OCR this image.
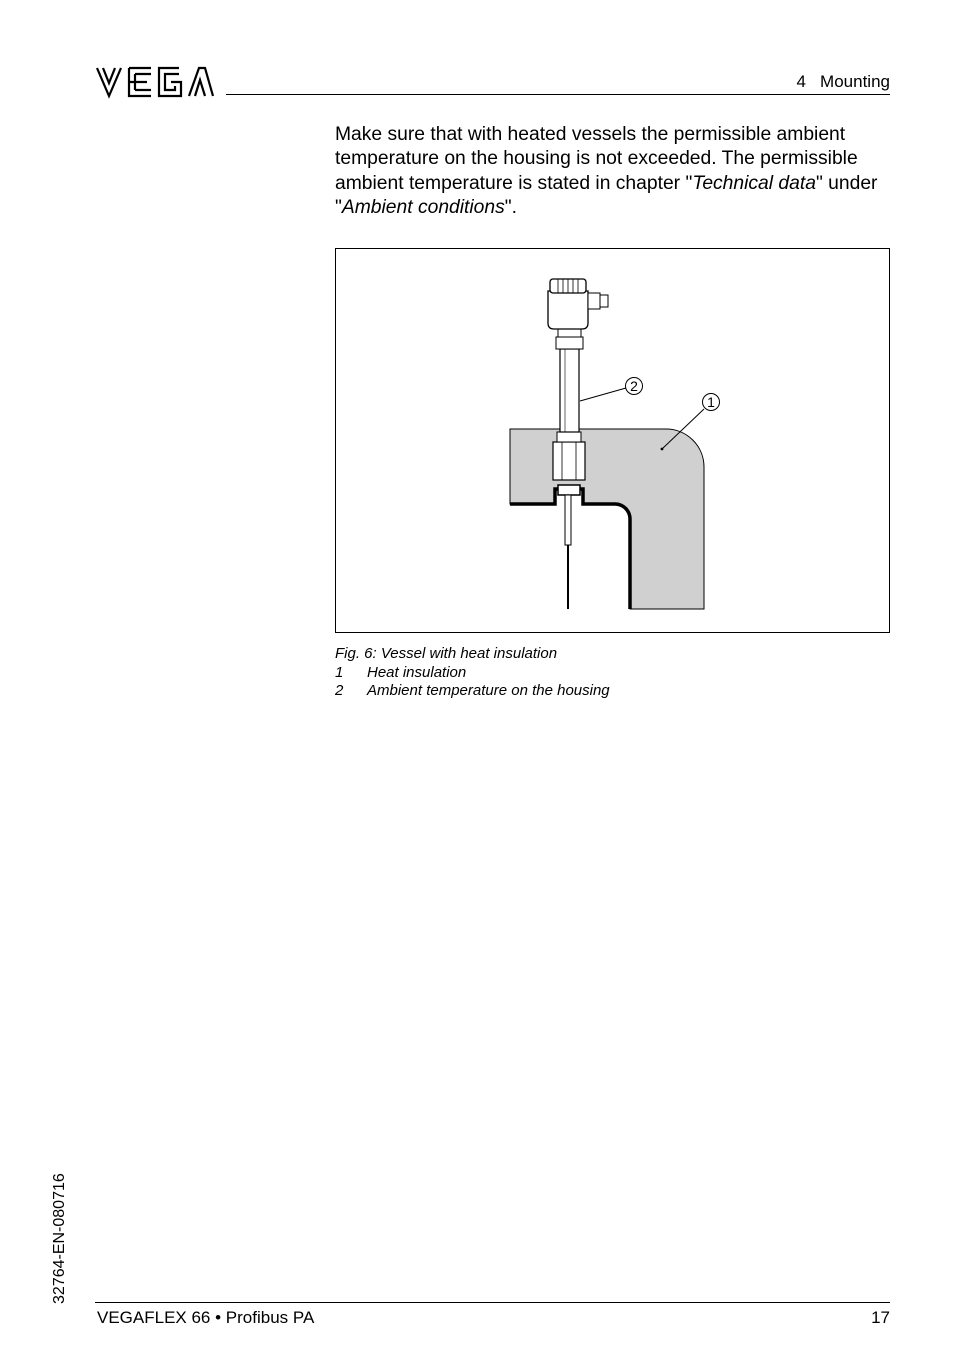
4   Mounting
Make sure that with heated vessels the permissible ambient temperature on the housing is not exceeded. The permissible ambient temperature is stated in chapter "Technical data" under "Ambient conditions".
2
1
Fig. 6: Vessel with heat insulation
1 Heat insulation
2 Ambient temperature on the housing
32764-EN-080716
VEGAFLEX 66 • Profibus PA	17
